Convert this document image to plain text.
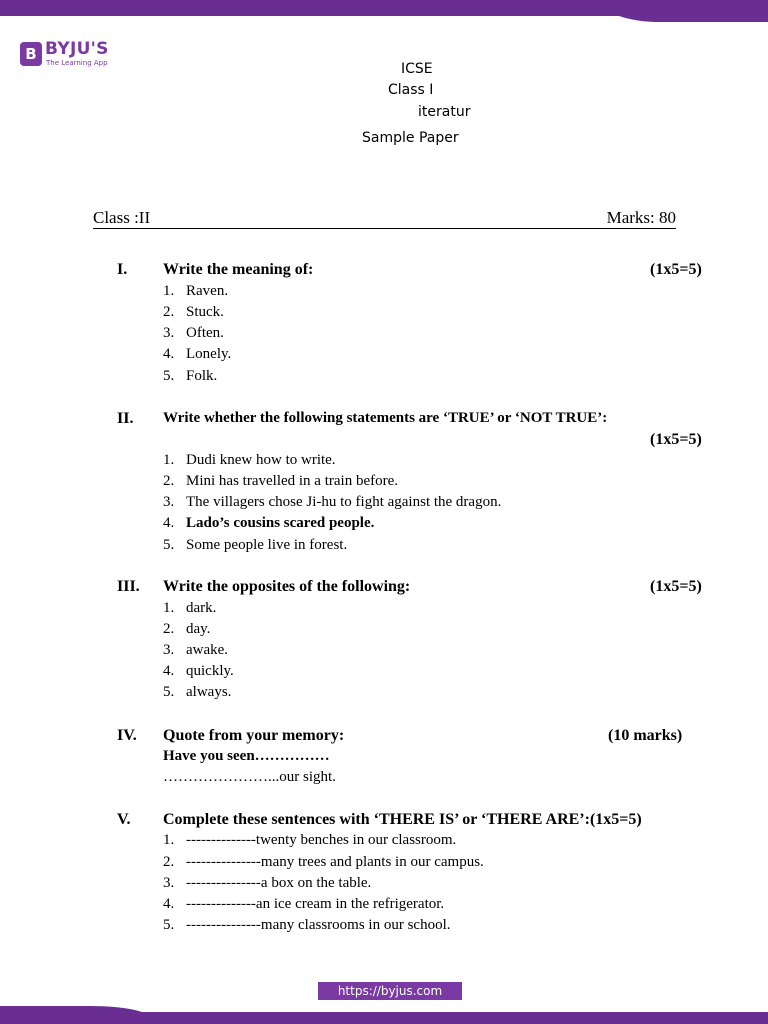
B BYJU'S
The Learning App	ICSE
Class I
iteratur
Sample Paper
Class :II	Marks: 80
I. Write the meaning of:	(1x5=5)
1. Raven.
2. Stuck.
3. Often.
4. Lonely.
5. Folk.
II. Write whether the following statements are ‘TRUE’ or ‘NOT TRUE’:
(1x5=5)
1. Dudi knew how to write.
2. Mini has travelled in a train before.
3. The villagers chose Ji-hu to fight against the dragon.
4. Lado’s cousins scared people.
5. Some people live in forest.
III. Write the opposites of the following:	(1x5=5)
1. dark.
2. day.
3. awake.
4. quickly.
5. always.
IV. Quote from your memory:	(10 marks)
Have you seen……………
…………………...our sight.
V. Complete these sentences with ‘THERE IS’ or ‘THERE ARE’:(1x5=5)
1. --------------twenty benches in our classroom.
2. ---------------many trees and plants in our campus.
3. ---------------a box on the table.
4. --------------an ice cream in the refrigerator.
5. ---------------many classrooms in our school.
https://byjus.com
